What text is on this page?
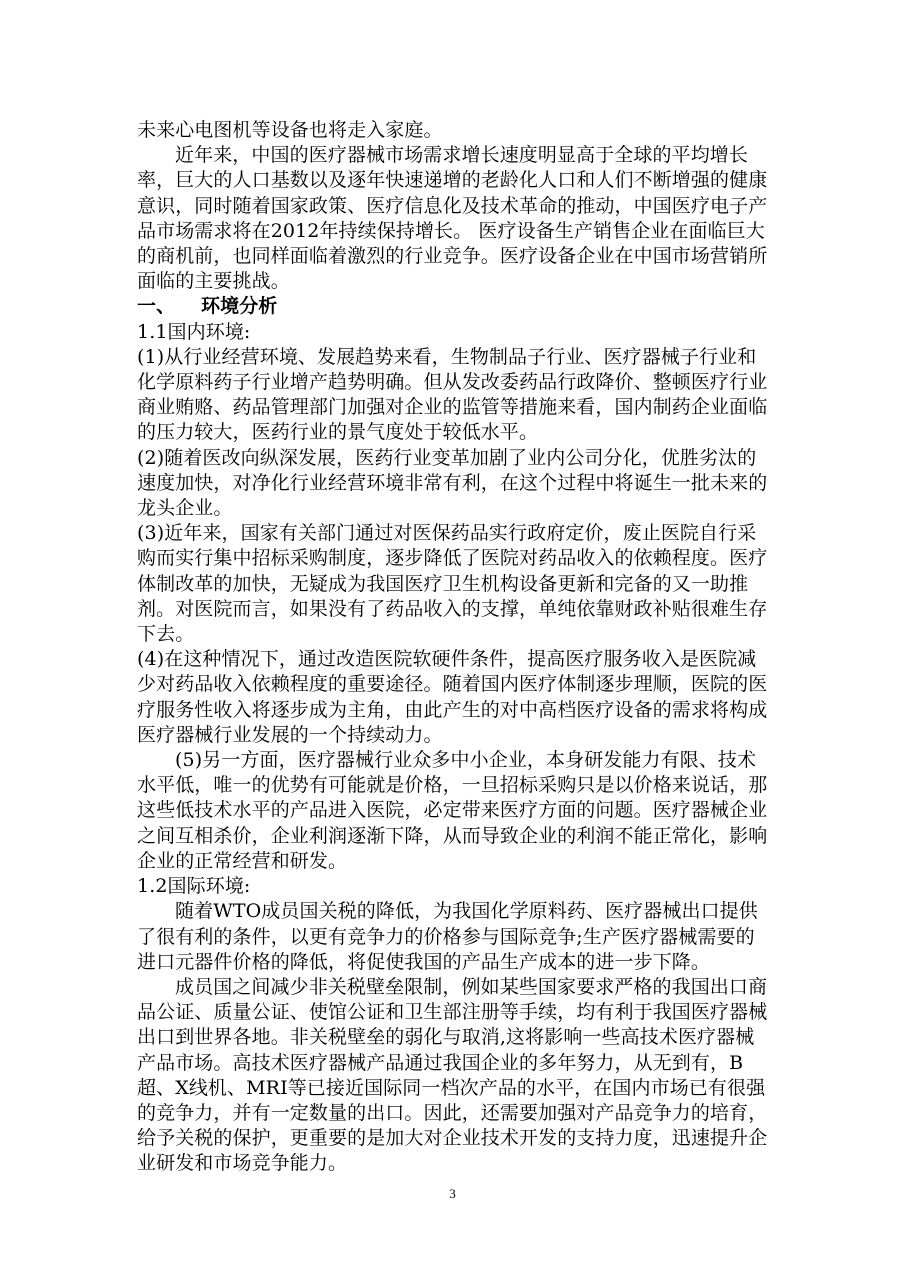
未来心电图机等设备也将走入家庭。

近年来，中国的医疗器械市场需求增长速度明显高于全球的平均增长率，巨大的人口基数以及逐年快速递增的老龄化人口和人们不断增强的健康意识，同时随着国家政策、医疗信息化及技术革命的推动，中国医疗电子产品市场需求将在2012年持续保持增长。 医疗设备生产销售企业在面临巨大的商机前，也同样面临着激烈的行业竞争。医疗设备企业在中国市场营销所面临的主要挑战。

一、 环境分析

1.1国内环境:

(1)从行业经营环境、发展趋势来看，生物制品子行业、医疗器械子行业和化学原料药子行业增产趋势明确。但从发改委药品行政降价、整顿医疗行业商业贿赂、药品管理部门加强对企业的监管等措施来看，国内制药企业面临的压力较大，医药行业的景气度处于较低水平。

(2)随着医改向纵深发展，医药行业变革加剧了业内公司分化，优胜劣汰的速度加快，对净化行业经营环境非常有利，在这个过程中将诞生一批未来的龙头企业。

(3)近年来，国家有关部门通过对医保药品实行政府定价，废止医院自行采购而实行集中招标采购制度，逐步降低了医院对药品收入的依赖程度。医疗体制改革的加快，无疑成为我国医疗卫生机构设备更新和完备的又一助推剂。对医院而言，如果没有了药品收入的支撑，单纯依靠财政补贴很难生存下去。

(4)在这种情况下，通过改造医院软硬件条件，提高医疗服务收入是医院减少对药品收入依赖程度的重要途径。随着国内医疗体制逐步理顺，医院的医疗服务性收入将逐步成为主角，由此产生的对中高档医疗设备的需求将构成医疗器械行业发展的一个持续动力。

(5)另一方面，医疗器械行业众多中小企业，本身研发能力有限、技术水平低，唯一的优势有可能就是价格，一旦招标采购只是以价格来说话，那这些低技术水平的产品进入医院，必定带来医疗方面的问题。医疗器械企业之间互相杀价，企业利润逐渐下降，从而导致企业的利润不能正常化，影响企业的正常经营和研发。

1.2国际环境:

随着WTO成员国关税的降低，为我国化学原料药、医疗器械出口提供了很有利的条件，以更有竞争力的价格参与国际竞争;生产医疗器械需要的进口元器件价格的降低，将促使我国的产品生产成本的进一步下降。

成员国之间减少非关税壁垒限制，例如某些国家要求严格的我国出口商品公证、质量公证、使馆公证和卫生部注册等手续，均有利于我国医疗器械出口到世界各地。非关税壁垒的弱化与取消,这将影响一些高技术医疗器械产品市场。高技术医疗器械产品通过我国企业的多年努力，从无到有，B超、X线机、MRI等已接近国际同一档次产品的水平，在国内市场已有很强的竞争力，并有一定数量的出口。因此，还需要加强对产品竞争力的培育，给予关税的保护，更重要的是加大对企业技术开发的支持力度，迅速提升企业研发和市场竞争能力。

3
